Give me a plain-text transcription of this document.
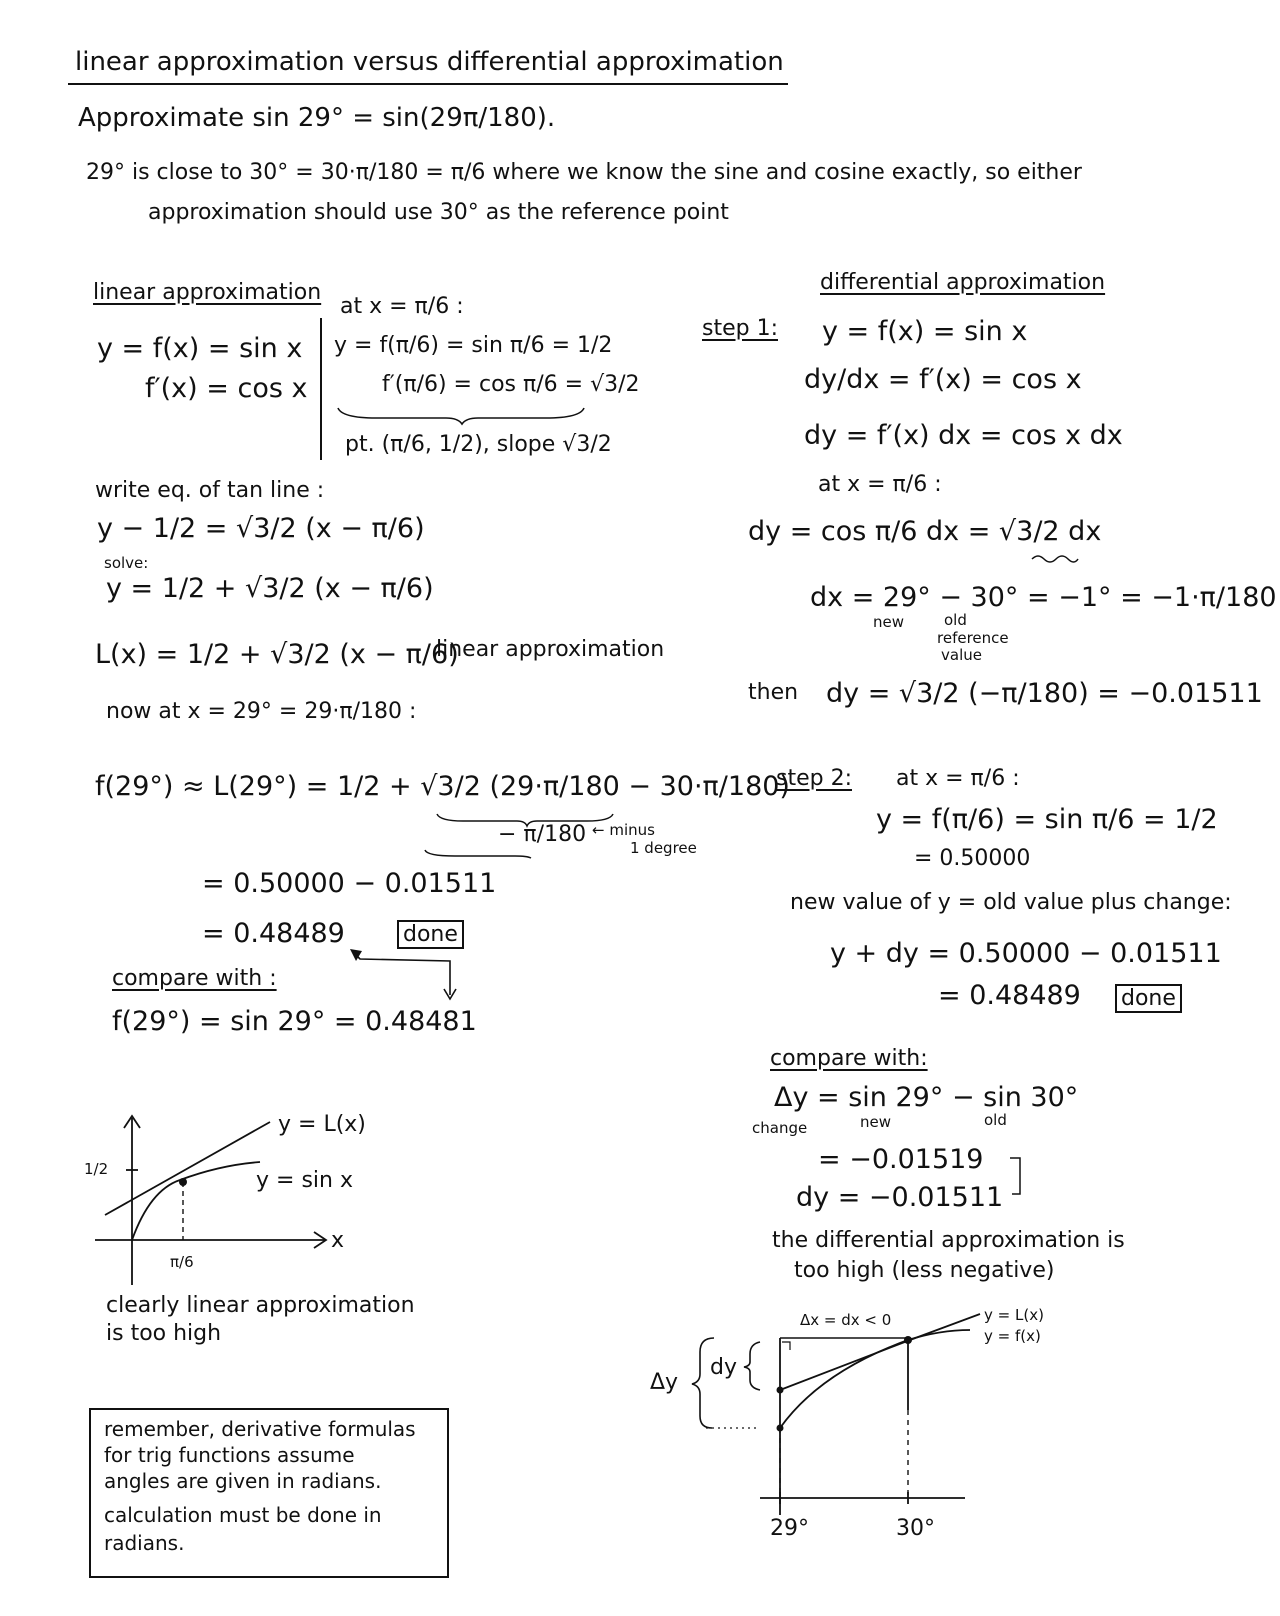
linear approximation versus differential approximation
Approximate sin 29° = sin(29π/180).
29° is close to 30° = 30·π/180 = π/6 where we know the sine and cosine exactly, so either
approximation should use 30° as the reference point
linear approximation
at x = π/6 :
y = f(x) = sin x
f′(x) = cos x
y = f(π/6) = sin π/6 = 1/2
f′(π/6) = cos π/6 = √3/2
pt. (π/6, 1/2), slope √3/2
write eq. of tan line :
y − 1/2 = √3/2 (x − π/6)
solve:
y = 1/2 + √3/2 (x − π/6)
L(x) = 1/2 + √3/2 (x − π/6)
linear approximation
now at x = 29° = 29·π/180 :
f(29°) ≈ L(29°) = 1/2 + √3/2 (29·π/180 − 30·π/180)
− π/180 ← minus
1 degree
= 0.50000 − 0.01511
= 0.48489	done
compare with :
f(29°) = sin 29° = 0.48481
y = L(x)
y = sin x
1/2
x
π/6
clearly linear approximation
is too high
remember, derivative formulas
for trig functions assume
angles are given in radians.
calculation must be done in
radians.
differential approximation
step 1: y = f(x) = sin x
dy/dx = f′(x) = cos x
dy = f′(x) dx = cos x dx
at x = π/6 :
dy = cos π/6 dx = √3/2 dx
dx = 29° − 30° = −1° = −1·π/180
new	old
reference
value
then dy = √3/2 (−π/180) = −0.01511
step 2: at x = π/6 :
y = f(π/6) = sin π/6 = 1/2
= 0.50000
new value of y = old value plus change:
y + dy = 0.50000 − 0.01511
= 0.48489 done
compare with:
Δy = sin 29° − sin 30°
change	new	old
= −0.01519
dy = −0.01511
the differential approximation is
too high (less negative)
Δx = dx < 0	y = L(x)
y = f(x)
dy
Δy
29°	30°
